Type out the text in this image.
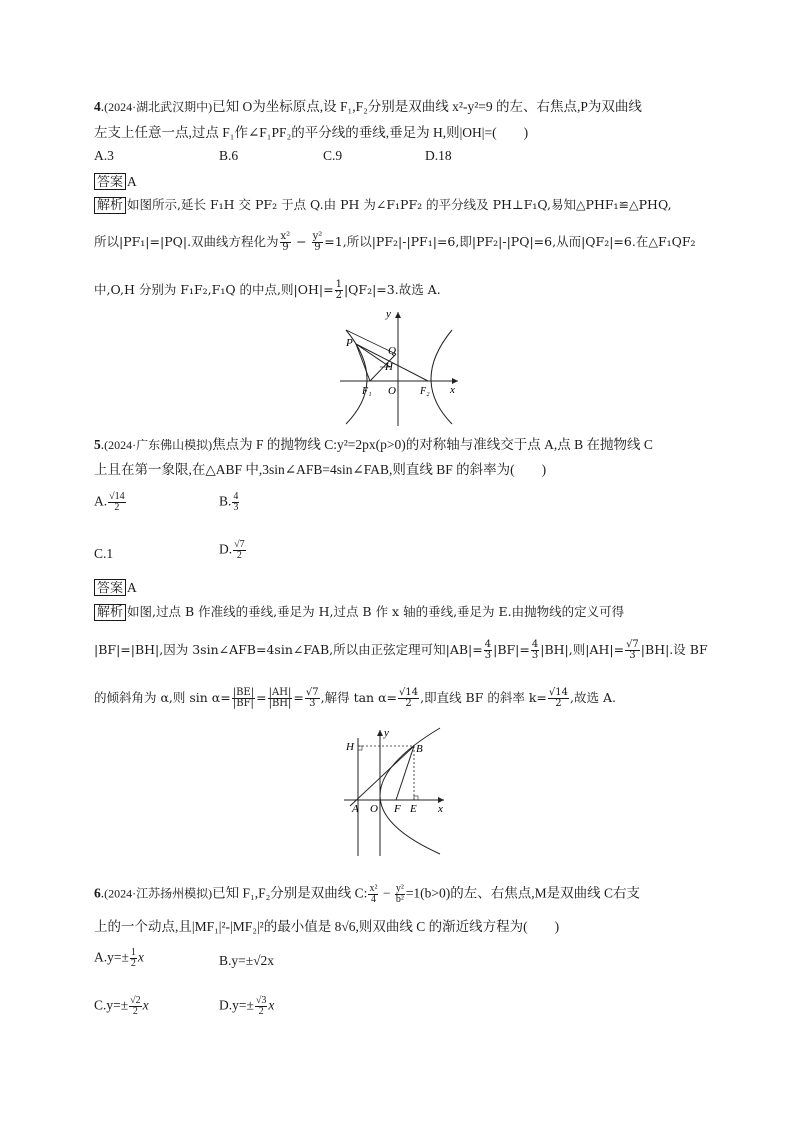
4.(2024·湖北武汉期中)已知 O为坐标原点,设 F₁,F₂分别是双曲线 x²-y²=9 的左、右焦点,P为双曲线
左支上任意一点,过点 F₁作∠F₁PF₂的平分线的垂线,垂足为 H,则|OH|=(　　)
A.3	B.6	C.9	D.18
答案 A
解析 如图所示,延长 F₁H 交 PF₂ 于点 Q.由 PH 为∠F₁PF₂ 的平分线及 PH⊥F₁Q,易知△PHF₁≌△PHQ,
所以|PF₁|=|PQ|.双曲线方程化为 $\frac{\text{x²}}{9} - \frac{\text{y²}}{9} =1$,所以|PF₂|-|PF₁|=6,即|PF₂|-|PQ|=6,从而|QF₂|=6.在△F₁QF₂
中,O,H 分别为 F₁F₂,F₁Q 的中点,则$|OH|= \frac{1}{2} |QF_2|=3$.故选 A.
y
x
P
Q
H
F₁ O F₂
5.(2024·广东佛山模拟)焦点为 F 的抛物线 C:y²=2px(p>0)的对称轴与准线交于点 A,点 B 在抛物线 C
上且在第一象限,在△ABF 中,3sin∠AFB=4sin∠FAB,则直线 BF 的斜率为(　　)
A. $\frac{√14}{2}$	B. $\frac{4}{3}$
C.1	D. $\frac{√7}{2}$
答案 A
解析 如图,过点 B 作准线的垂线,垂足为 H,过点 B 作 x 轴的垂线,垂足为 E.由抛物线的定义可得
|BF|=|BH|,因为 3sin∠AFB=4sin∠FAB,所以由正弦定理可知$|AB|= \frac{4}{3} |BF|= \frac{4}{3} |BH|$,则$|AH|= \frac{√7}{3} |BH|$.设 BF
的倾斜角为 α,则 $\sin \alpha= \frac{|BE|}{|BF|} = \frac{|AH|}{|BH|} = \frac{√7}{3}$ ,解得 $\tan \alpha= \frac{√14}{2}$ ,即直线 BF 的斜率 $k= \frac{√14}{2}$ ,故选 A.
y
x
H	B
A O F E
6.(2024·江苏扬州模拟)已知 F₁,F₂分别是双曲线 C: $\frac{\text{x²}}{4} - \frac{\text{y²}}{\text{b²}} =1(b>0)$的左、右焦点,M是双曲线 C右支
上的一个动点,且|MF₁|²-|MF₂|²的最小值是 8√6,则双曲线 C 的渐近线方程为(　　)
$A.y=\pm \frac{1}{2}$ x	B.y=±√2x
$C.y=\pm \frac{√2}{2}$ x	$D.y=\pm \frac{√3}{2}$ x
